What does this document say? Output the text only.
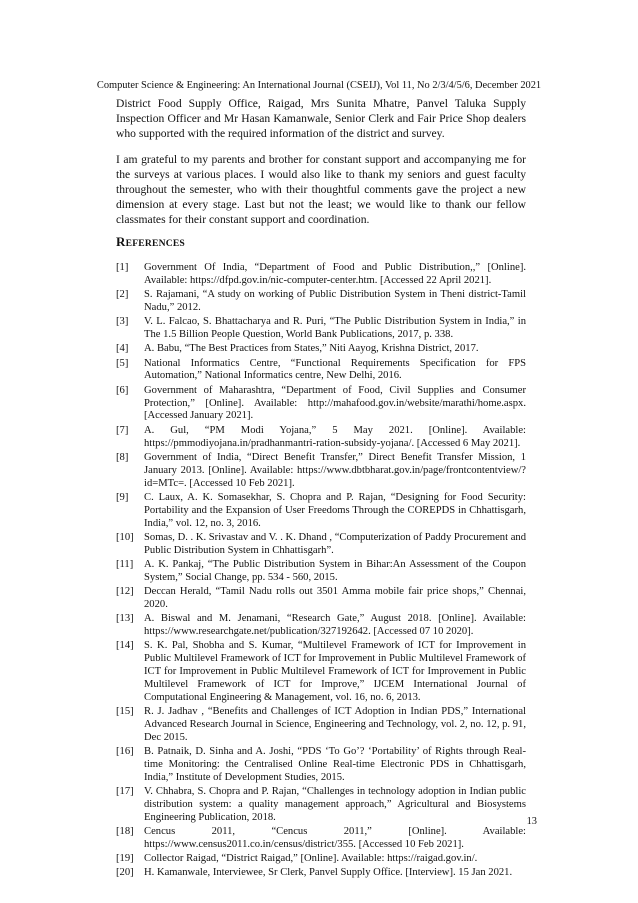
Computer Science & Engineering: An International Journal (CSEIJ), Vol 11, No 2/3/4/5/6, December 2021

District Food Supply Office, Raigad, Mrs Sunita Mhatre, Panvel Taluka Supply Inspection Officer and Mr Hasan Kamanwale, Senior Clerk and Fair Price Shop dealers who supported with the required information of the district and survey.

I am grateful to my parents and brother for constant support and accompanying me for the surveys at various places. I would also like to thank my seniors and guest faculty throughout the semester, who with their thoughtful comments gave the project a new dimension at every stage. Last but not the least; we would like to thank our fellow classmates for their constant support and coordination.

REFERENCES
[1]	Government Of India, “Department of Food and Public Distribution,,” [Online]. Available: https://dfpd.gov.in/nic-computer-center.htm. [Accessed 22 April 2021].
[2]	S. Rajamani, “A study on working of Public Distribution System in Theni district-Tamil Nadu,” 2012.
[3]	V. L. Falcao, S. Bhattacharya and R. Puri, “The Public Distribution System in India,” in The 1.5 Billion People Question, World Bank Publications, 2017, p. 338.
[4]	A. Babu, “The Best Practices from States,” Niti Aayog, Krishna District, 2017.
[5]	National Informatics Centre, “Functional Requirements Specification for FPS Automation,” National Informatics centre, New Delhi, 2016.
[6]	Government of Maharashtra, “Department of Food, Civil Supplies and Consumer Protection,” [Online]. Available: http://mahafood.gov.in/website/marathi/home.aspx. [Accessed January 2021].
[7]	A. Gul, “PM Modi Yojana,” 5 May 2021. [Online]. Available: https://pmmodiyojana.in/pradhanmantri-ration-subsidy-yojana/. [Accessed 6 May 2021].
[8]	Government of India, “Direct Benefit Transfer,” Direct Benefit Transfer Mission, 1 January 2013. [Online]. Available: https://www.dbtbharat.gov.in/page/frontcontentview/?id=MTc=. [Accessed 10 Feb 2021].
[9]	C. Laux, A. K. Somasekhar, S. Chopra and P. Rajan, “Designing for Food Security: Portability and the Expansion of User Freedoms Through the COREPDS in Chhattisgarh, India,” vol. 12, no. 3, 2016.
[10] Somas, D. . K. Srivastav and V. . K. Dhand , “Computerization of Paddy Procurement and Public Distribution System in Chhattisgarh”.
[11]	A. K. Pankaj, “The Public Distribution System in Bihar:An Assessment of the Coupon System,” Social Change, pp. 534 - 560, 2015.
[12] Deccan Herald, “Tamil Nadu rolls out 3501 Amma mobile fair price shops,” Chennai, 2020.
[13] A. Biswal and M. Jenamani, “Research Gate,” August 2018. [Online]. Available: https://www.researchgate.net/publication/327192642. [Accessed 07 10 2020].
[14] S. K. Pal, Shobha and S. Kumar, “Multilevel Framework of ICT for Improvement in Public Multilevel Framework of ICT for Improvement in Public Multilevel Framework of ICT for Improvement in Public Multilevel Framework of ICT for Improvement in Public Multilevel Framework of ICT for Improve,” IJCEM International Journal of Computational Engineering & Management, vol. 16, no. 6, 2013.
[15] R. J. Jadhav , “Benefits and Challenges of ICT Adoption in Indian PDS,” International Advanced Research Journal in Science, Engineering and Technology, vol. 2, no. 12, p. 91, Dec 2015.
[16] B. Patnaik, D. Sinha and A. Joshi, “PDS ‘To Go’? ‘Portability’ of Rights through Real-time Monitoring: the Centralised Online Real-time Electronic PDS in Chhattisgarh, India,” Institute of Development Studies, 2015.
[17] V. Chhabra, S. Chopra and P. Rajan, “Challenges in technology adoption in Indian public distribution system: a quality management approach,” Agricultural and Biosystems Engineering Publication, 2018.
[18] Cencus 2011, “Cencus 2011,” [Online]. Available: https://www.census2011.co.in/census/district/355. [Accessed 10 Feb 2021].
[19] Collector Raigad, “District Raigad,” [Online]. Available: https://raigad.gov.in/.
[20] H. Kamanwale, Interviewee, Sr Clerk, Panvel Supply Office. [Interview]. 15 Jan 2021.
13
